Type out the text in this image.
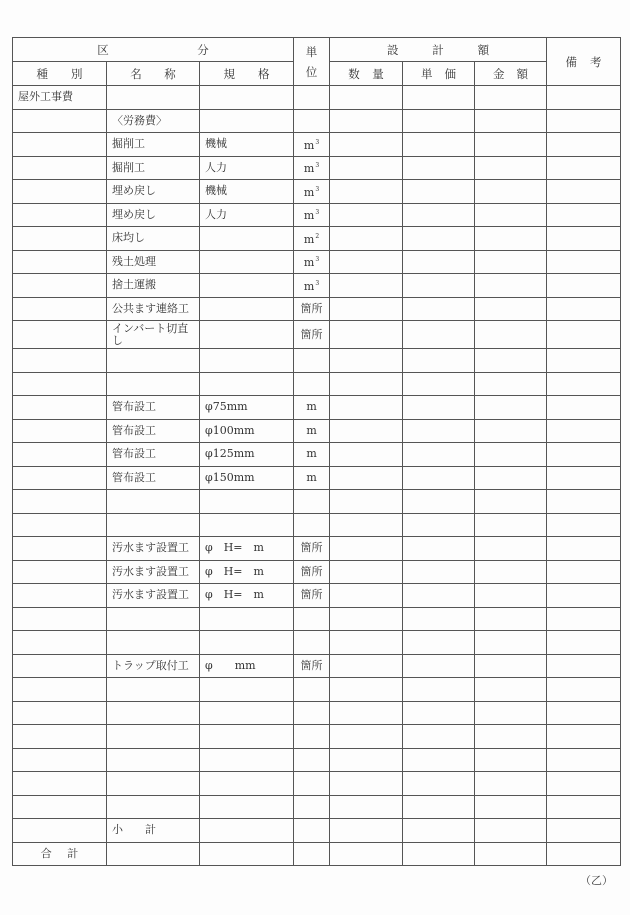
区 分			単位	設 計 額			備 考

種 別	名 称	規 格		数 量	単 価	金 額	

屋外工事費							
	〈労務費〉						
	掘削工	機械	$m^3$				
	掘削工	人力	$m^3$				
	埋め戻し	機械	$m^3$				
	埋め戻し	人力	$m^3$				
	床均し		$m^2$				
	残土処理		$m^3$				
	捨土運搬		$m^3$				
	公共ます連絡工		箇所				
	インバート切直し		箇所				

	管布設工	φ75mm	m				
	管布設工	φ100mm	m				
	管布設工	φ125mm	m				
	管布設工	φ150mm	m				

	汚水ます設置工	φ　H=　m	箇所				
	汚水ます設置工	φ　H=　m	箇所				
	汚水ます設置工	φ　H=　m	箇所				

	トラップ取付工	φ　　mm	箇所				

	小　　計						

合 計							

（乙）
